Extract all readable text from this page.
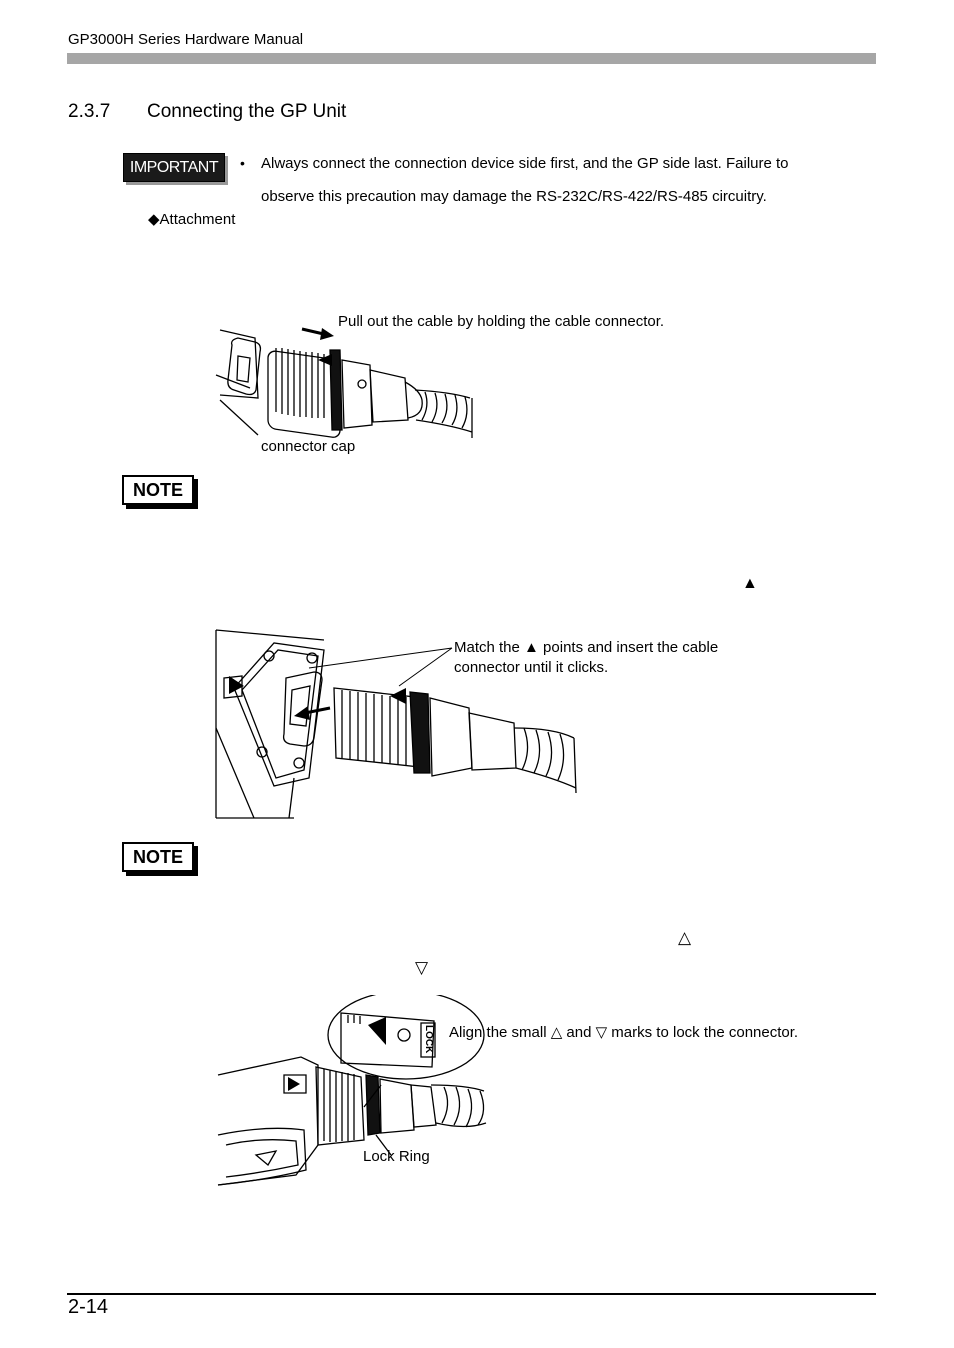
GP3000H Series Hardware Manual
2.3.7 Connecting the GP Unit
IMPORTANT	• Always connect the connection device side first, and the GP side last. Failure to
observe this precaution may damage the RS-232C/RS-422/RS-485 circuitry.
◆Attachment
Pull out the cable by holding the cable connector.
connector cap
NOTE
▲
Match the ▲ points and insert the cable
connector until it clicks.
NOTE
△
▽
LOCK Align the small △ and ▽ marks to lock the connector.
Lock Ring
2-14
